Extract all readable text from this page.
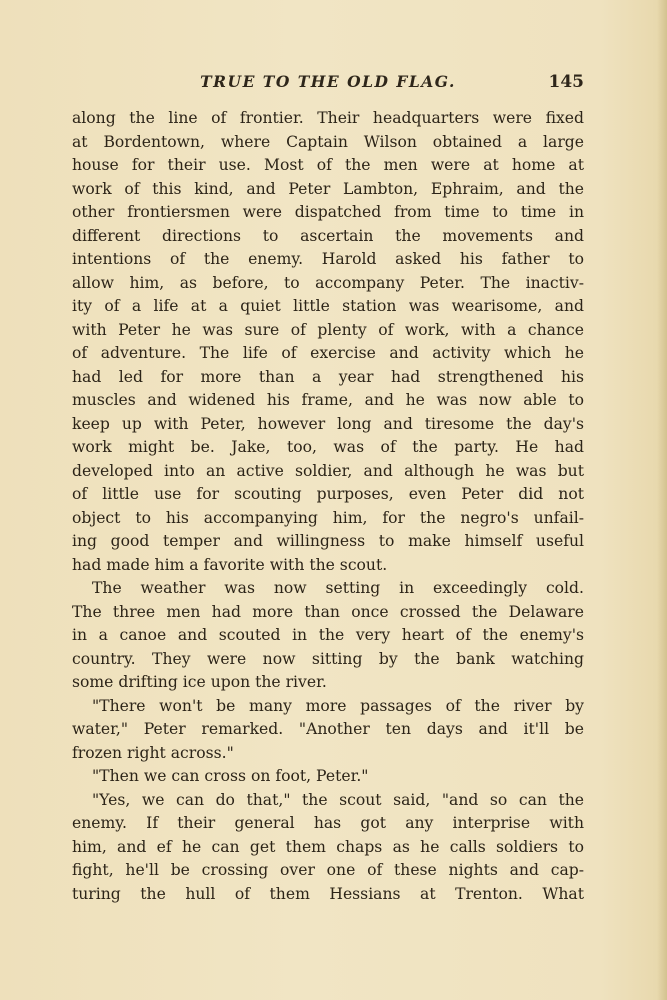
TRUE TO THE OLD FLAG.	145
along the line of frontier. Their headquarters were fixed
at Bordentown, where Captain Wilson obtained a large
house for their use. Most of the men were at home at
work of this kind, and Peter Lambton, Ephraim, and the
other frontiersmen were dispatched from time to time in
different directions to ascertain the movements and
intentions of the enemy. Harold asked his father to
allow him, as before, to accompany Peter. The inactiv-
ity of a life at a quiet little station was wearisome, and
with Peter he was sure of plenty of work, with a chance
of adventure. The life of exercise and activity which he
had led for more than a year had strengthened his
muscles and widened his frame, and he was now able to
keep up with Peter, however long and tiresome the day's
work might be. Jake, too, was of the party. He had
developed into an active soldier, and although he was but
of little use for scouting purposes, even Peter did not
object to his accompanying him, for the negro's unfail-
ing good temper and willingness to make himself useful
had made him a favorite with the scout.
The weather was now setting in exceedingly cold.
The three men had more than once crossed the Delaware
in a canoe and scouted in the very heart of the enemy's
country. They were now sitting by the bank watching
some drifting ice upon the river.
"There won't be many more passages of the river by
water," Peter remarked. "Another ten days and it'll be
frozen right across."
"Then we can cross on foot, Peter."
"Yes, we can do that," the scout said, "and so can the
enemy. If their general has got any interprise with
him, and ef he can get them chaps as he calls soldiers to
fight, he'll be crossing over one of these nights and cap-
turing the hull of them Hessians at Trenton. What
